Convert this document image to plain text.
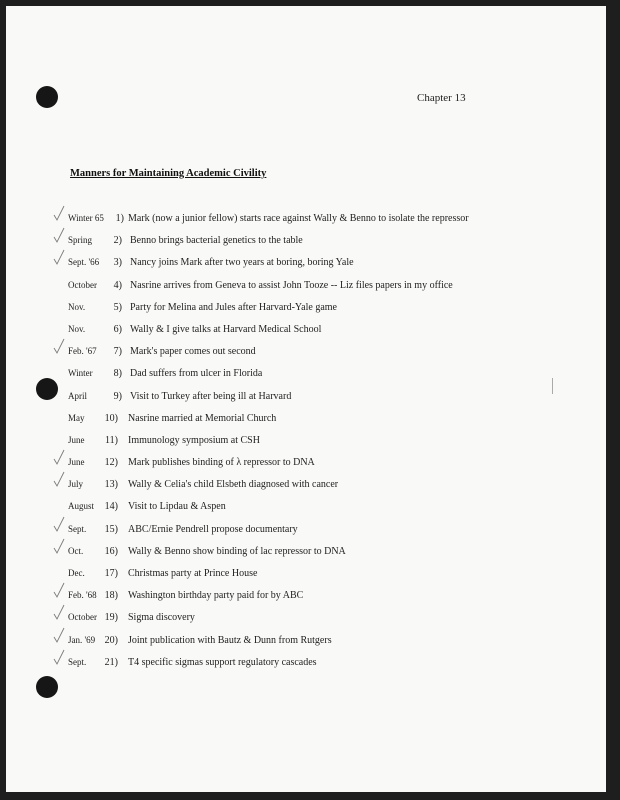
Chapter 13
Manners for Maintaining Academic Civility
Winter 65	1) Mark (now a junior fellow) starts race against Wally & Benno to isolate the repressor
Spring	2) Benno brings bacterial genetics to the table
Sept. '66	3) Nancy joins Mark after two years at boring, boring Yale
October	4) Nasrine arrives from Geneva to assist John Tooze -- Liz files papers in my office
Nov.	5) Party for Melina and Jules after Harvard-Yale game
Nov.	6) Wally & I give talks at Harvard Medical School
Feb. '67	7) Mark's paper comes out second
Winter	8) Dad suffers from ulcer in Florida
April	9) Visit to Turkey after being ill at Harvard
May	10) Nasrine married at Memorial Church
June	11) Immunology symposium at CSH
June	12) Mark publishes binding of λ repressor to DNA
July	13) Wally & Celia's child Elsbeth diagnosed with cancer
August	14) Visit to Lipdau & Aspen
Sept.	15) ABC/Ernie Pendrell propose documentary
Oct.	16) Wally & Benno show binding of lac repressor to DNA
Dec.	17) Christmas party at Prince House
Feb. '68 18) Washington birthday party paid for by ABC
October 19) Sigma discovery
Jan. '69 20) Joint publication with Bautz & Dunn from Rutgers
Sept.	21) T4 specific sigmas support regulatory cascades
